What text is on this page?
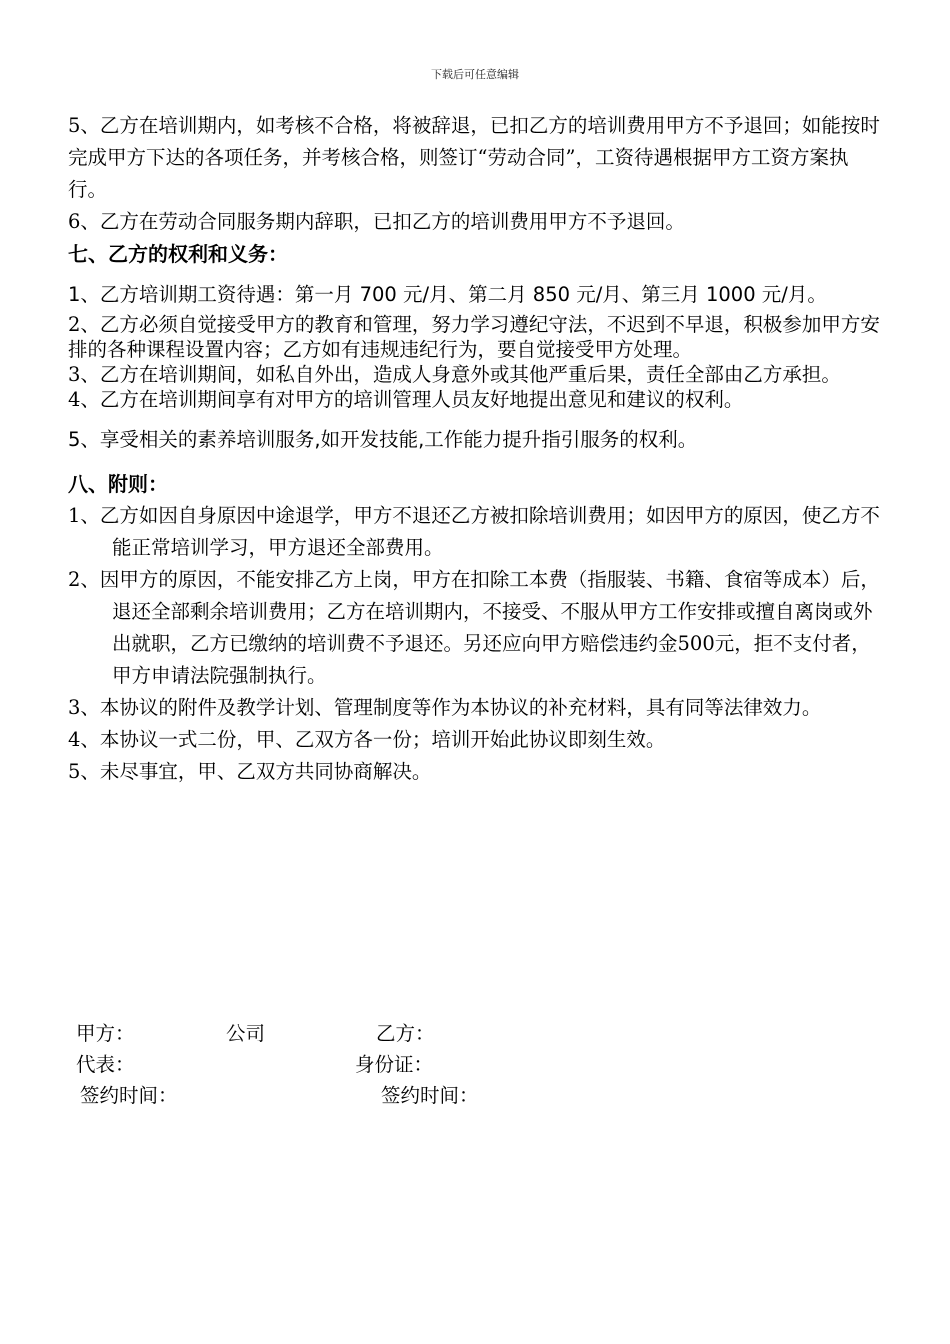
下载后可任意编辑

5、乙方在培训期内，如考核不合格，将被辞退，已扣乙方的培训费用甲方不予退回；如能按时完成甲方下达的各项任务，并考核合格，则签订“劳动合同”，工资待遇根据甲方工资方案执行。

6、乙方在劳动合同服务期内辞职，已扣乙方的培训费用甲方不予退回。

七、乙方的权利和义务：

1、乙方培训期工资待遇：第一月 700 元/月、第二月 850 元/月、第三月 1000 元/月。

2、乙方必须自觉接受甲方的教育和管理，努力学习遵纪守法，不迟到不早退，积极参加甲方安排的各种课程设置内容；乙方如有违规违纪行为，要自觉接受甲方处理。

3、乙方在培训期间，如私自外出，造成人身意外或其他严重后果，责任全部由乙方承担。

4、乙方在培训期间享有对甲方的培训管理人员友好地提出意见和建议的权利。

5、享受相关的素养培训服务,如开发技能,工作能力提升指引服务的权利。

八、附则：

1、乙方如因自身原因中途退学，甲方不退还乙方被扣除培训费用；如因甲方的原因，使乙方不能正常培训学习，甲方退还全部费用。

2、因甲方的原因，不能安排乙方上岗，甲方在扣除工本费（指服装、书籍、食宿等成本）后，退还全部剩余培训费用；乙方在培训期内，不接受、不服从甲方工作安排或擅自离岗或外出就职，乙方已缴纳的培训费不予退还。另还应向甲方赔偿违约金500元，拒不支付者，甲方申请法院强制执行。

3、本协议的附件及教学计划、管理制度等作为本协议的补充材料，具有同等法律效力。

4、本协议一式二份，甲、乙双方各一份；培训开始此协议即刻生效。

5、未尽事宜，甲、乙双方共同协商解决。

甲方：	公司	乙方：
代表：	身份证：
签约时间：	签约时间：
